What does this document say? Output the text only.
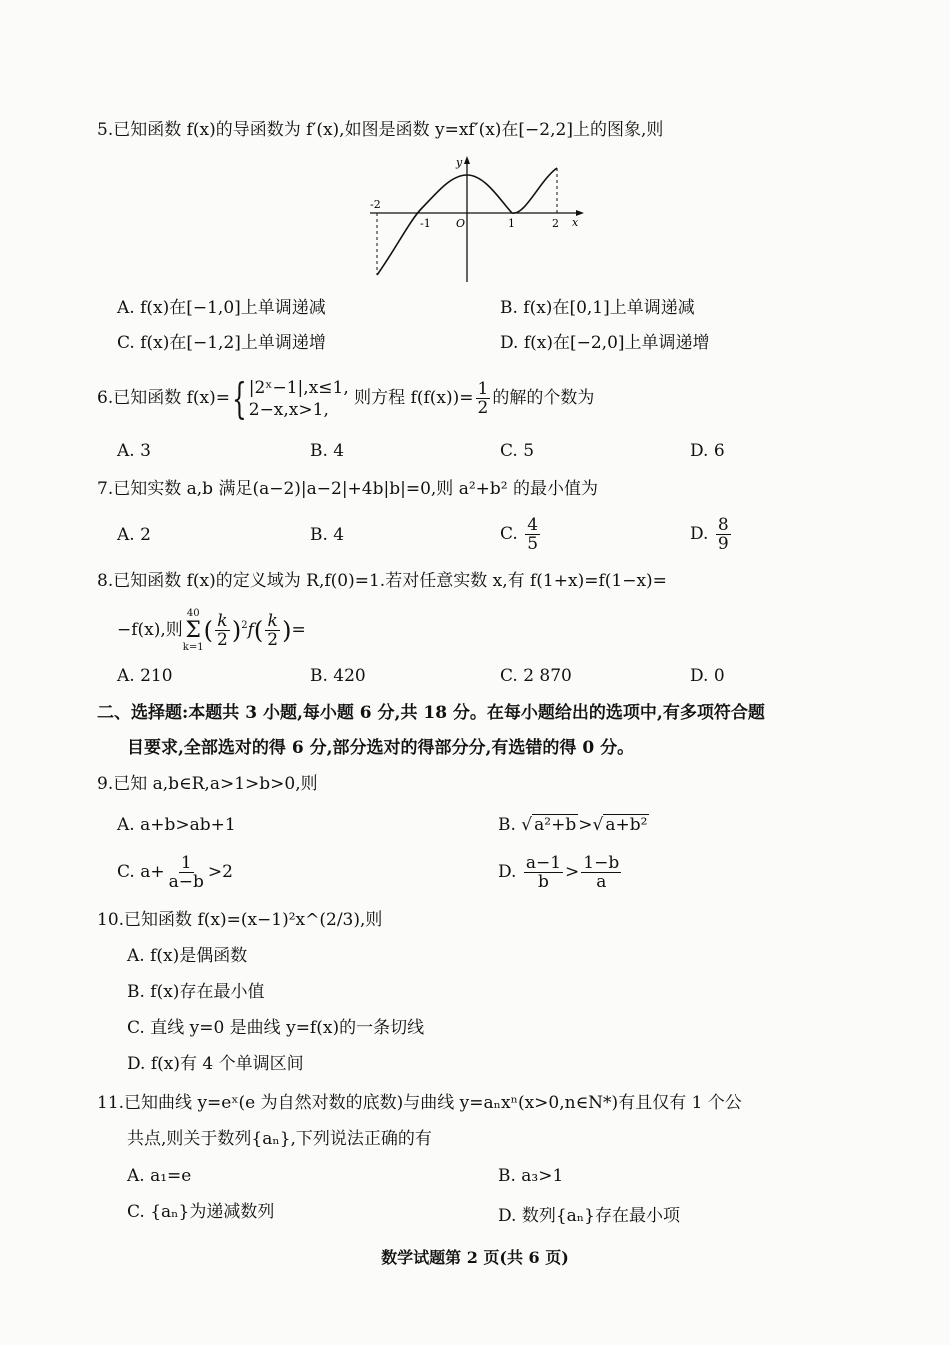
5.已知函数 f(x)的导函数为 f′(x),如图是函数 y=xf′(x)在[−2,2]上的图象,则
-2
-1 O	1	2 x
y
A. f(x)在[−1,0]上单调递减	B. f(x)在[0,1]上单调递减
C. f(x)在[−1,2]上单调递增	D. f(x)在[−2,0]上单调递增
6.已知函数 f(x)={ |2ˣ−1|,x≤1,
2−x,x>1,
则方程 $f(f(x))= \frac{1}{2}$ 的解的个数为
A. 3	B. 4	C. 5	D. 6
7.已知实数 a,b 满足(a−2)|a−2|+4b|b|=0,则 a²+b² 的最小值为
A. 2	B. 4	C. $\frac{4}{5}$	D. $\frac{8}{9}$
8.已知函数 f(x)的定义域为 R,f(0)=1.若对任意实数 x,有 f(1+x)=f(1−x)=
−f(x),则
40
Σ
k=1
( $\frac{k}{2} )^2f( \frac{k}{2}$ )=
A. 210	B. 420	C. 2 870	D. 0
二、选择题:本题共 3 小题,每小题 6 分,共 18 分。在每小题给出的选项中,有多项符合题
目要求,全部选对的得 6 分,部分选对的得部分分,有选错的得 0 分。
9.已知 a,b∈R,a>1>b>0,则
A. a+b>ab+1	B. √ a²+b >√ a+b²
C. $a+ \frac{1}{a-b} >2$	D. $\frac{a-1}{b} > \frac{1-b}{a}$
10.已知函数 f(x)=(x−1)²x^(2/3),则
A. f(x)是偶函数
B. f(x)存在最小值
C. 直线 y=0 是曲线 y=f(x)的一条切线
D. f(x)有 4 个单调区间
11.已知曲线 y=eˣ(e 为自然对数的底数)与曲线 y=aₙxⁿ(x>0,n∈N*)有且仅有 1 个公
共点,则关于数列{aₙ},下列说法正确的有
A. a₁=e	B. a₃>1
C. {aₙ}为递减数列	D. 数列{aₙ}存在最小项
数学试题第 2 页(共 6 页)
